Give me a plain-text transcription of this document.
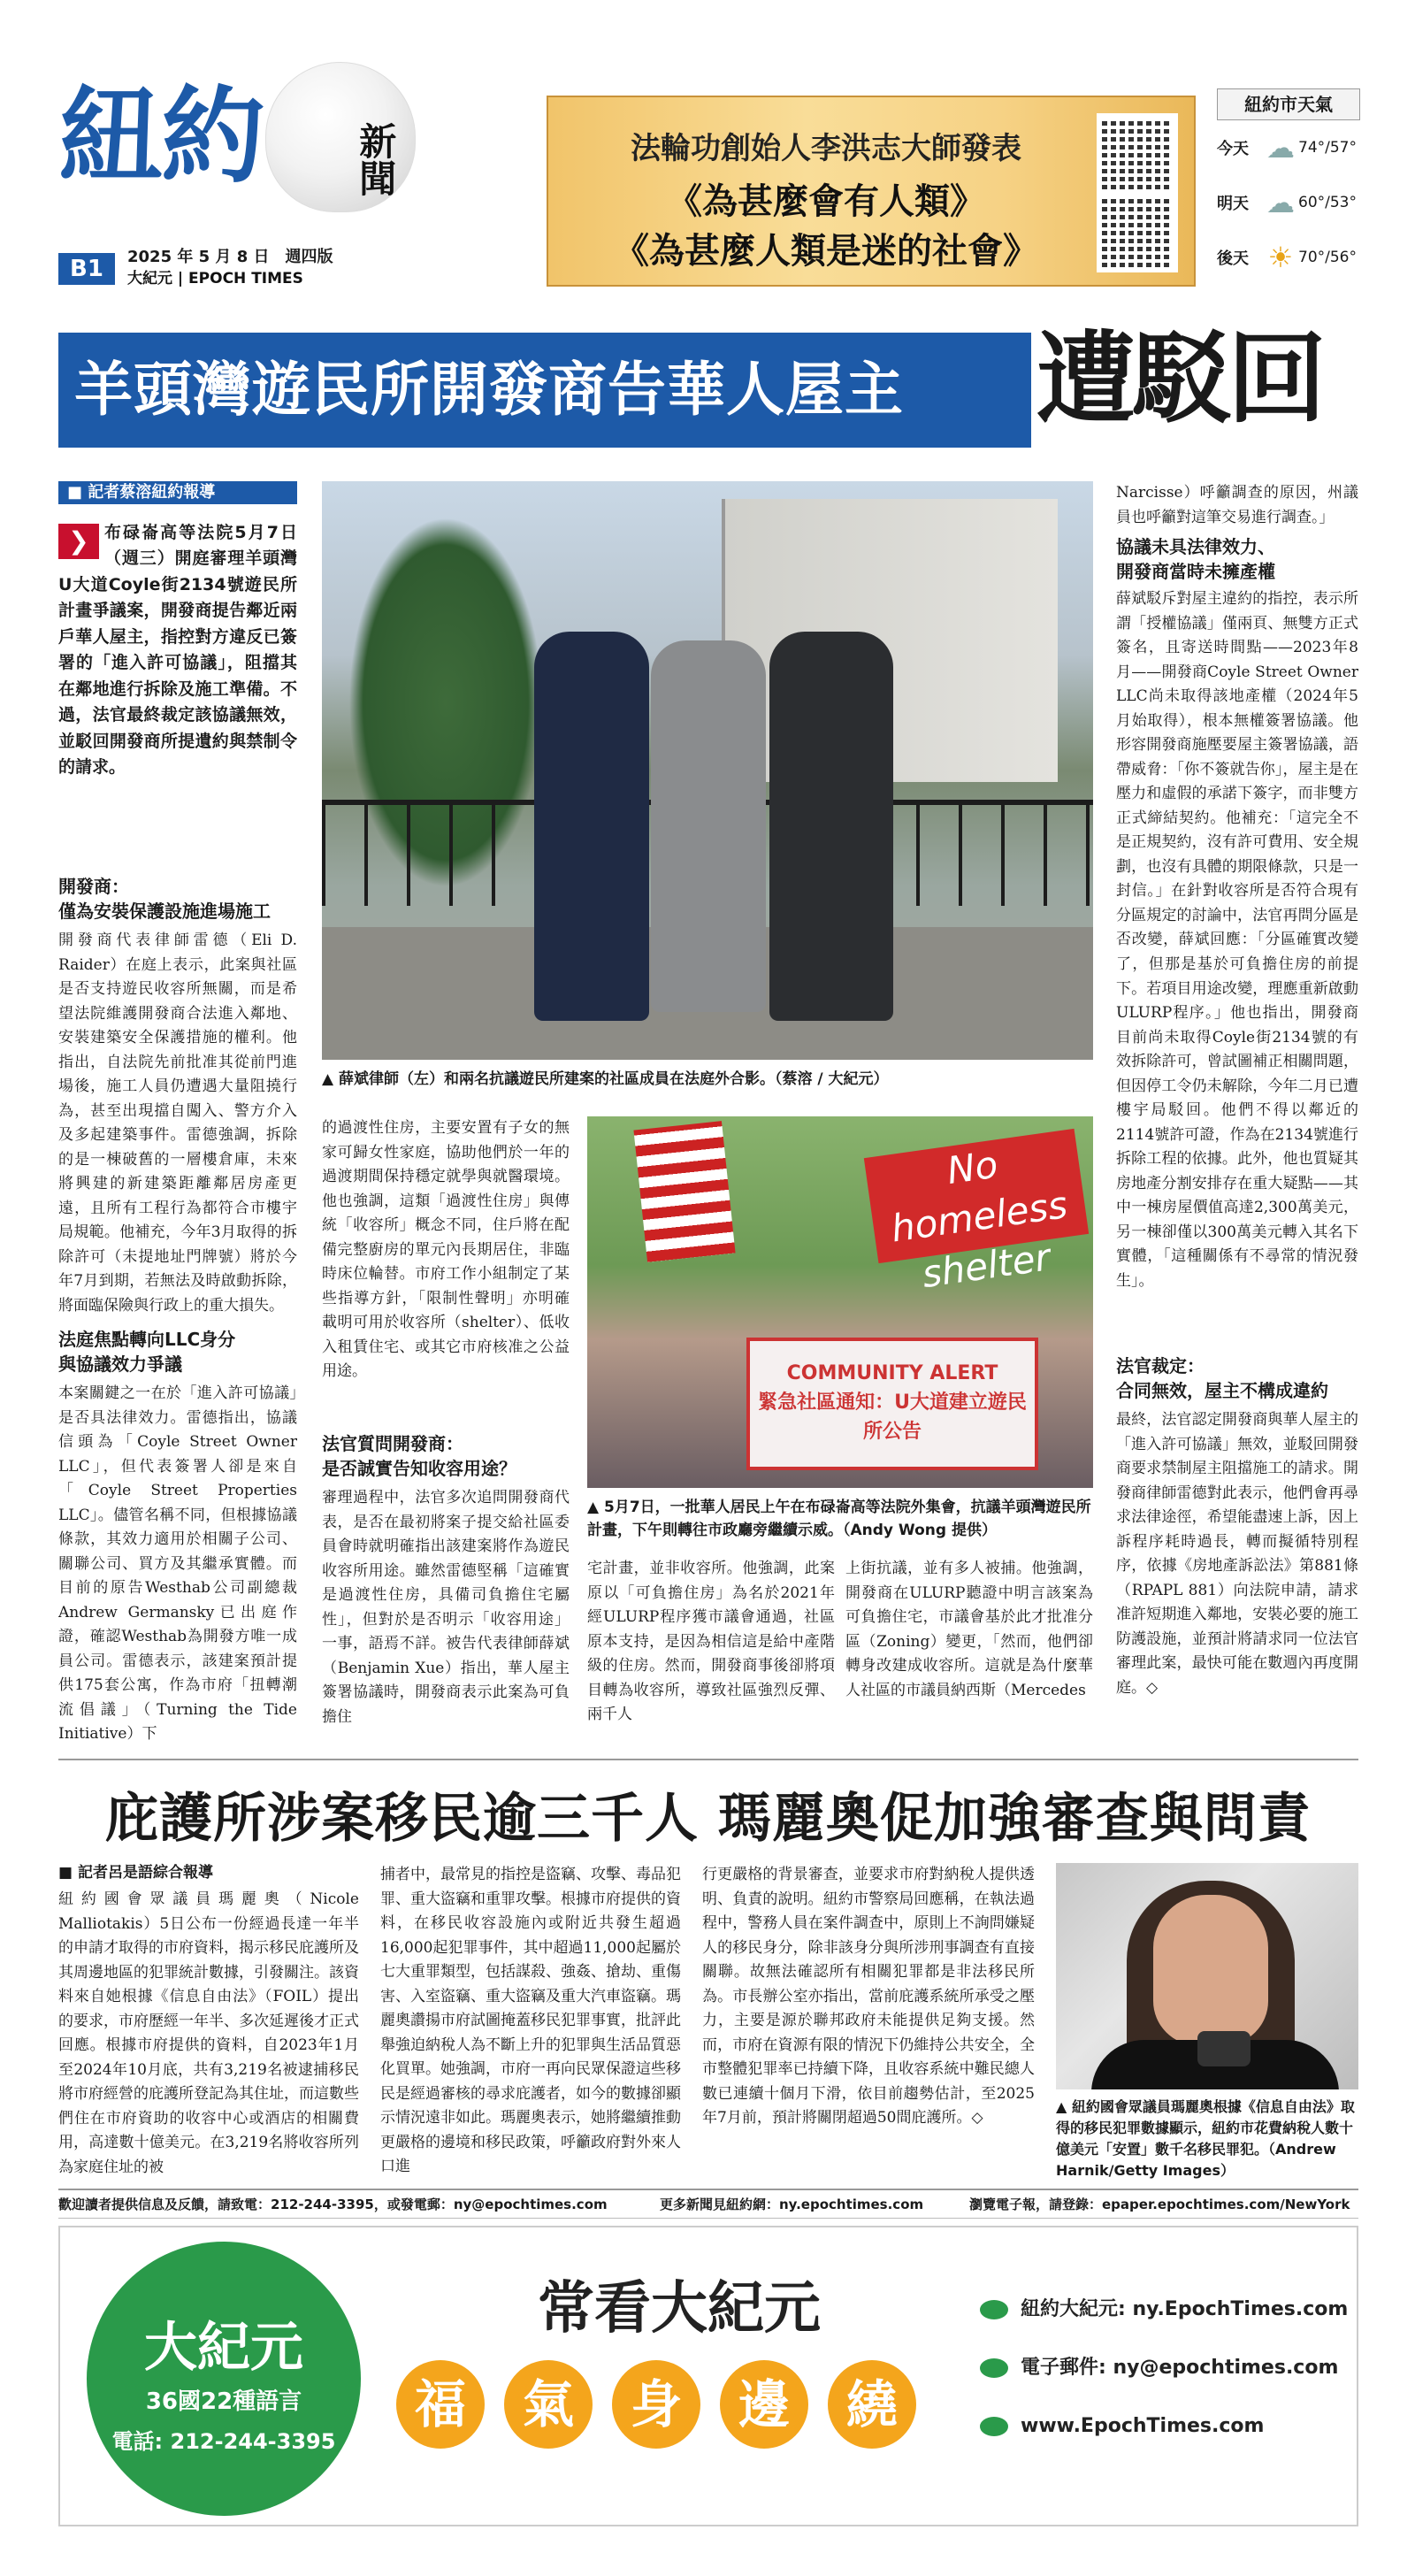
紐約 新聞
B1	2025 年 5 月 8 日　週四版
大紀元 | EPOCH TIMES
法輪功創始人李洪志大師發表
《為甚麼會有人類》
《為甚麼人類是迷的社會》
紐約市天氣
今天 ☁ 74°/57°
明天 ☁ 60°/53°
後天 ☀ 70°/56°
羊頭灣遊民所開發商告華人屋主	遭駁回
■ 記者蔡溶紐約報導
❯ 布碌崙高等法院5月7日（週三）開庭審理羊頭灣U大道Coyle街2134號遊民所計畫爭議案，開發商提告鄰近兩戶華人屋主，指控對方違反已簽署的「進入許可協議」，阻擋其在鄰地進行拆除及施工準備。不過，法官最終裁定該協議無效，並駁回開發商所提遺約與禁制令的請求。
開發商：
僅為安裝保護設施進場施工
開發商代表律師雷德（Eli D. Raider）在庭上表示，此案與社區是否支持遊民收容所無關，而是希望法院維護開發商合法進入鄰地、安裝建築安全保護措施的權利。他指出，自法院先前批准其從前門進場後，施工人員仍遭遇大量阻撓行為，甚至出現擋自闖入、警方介入及多起建築事件。雷德強調，拆除的是一棟破舊的一層樓倉庫，未來將興建的新建築距離鄰居房產更遠，且所有工程行為都符合市樓宇局規範。他補充，今年3月取得的拆除許可（未提地址門牌號）將於今年7月到期，若無法及時啟動拆除，將面臨保險與行政上的重大損失。
法庭焦點轉向LLC身分
與協議效力爭議
本案關鍵之一在於「進入許可協議」是否具法律效力。雷德指出，協議信頭為「Coyle Street Owner LLC」，但代表簽署人卻是來自「Coyle Street Properties LLC」。儘管名稱不同，但根據協議條款，其效力適用於相關子公司、關聯公司、買方及其繼承實體。而目前的原告Westhab公司副總裁Andrew Germansky已出庭作證，確認Westhab為開發方唯一成員公司。雷德表示，該建案預計提供175套公寓，作為市府「扭轉潮流倡議」（Turning the Tide Initiative）下
▲ 薛斌律師（左）和兩名抗議遊民所建案的社區成員在法庭外合影。（蔡溶 / 大紀元）
的過渡性住房，主要安置有子女的無家可歸女性家庭，協助他們於一年的過渡期間保持穩定就學與就醫環境。他也強調，這類「過渡性住房」與傳統「收容所」概念不同，住戶將在配備完整廚房的單元內長期居住，非臨時床位輪替。市府工作小組制定了某些指導方針，「限制性聲明」亦明確載明可用於收容所（shelter）、低收入租賃住宅、或其它市府核准之公益用途。
法官質問開發商：
是否誠實告知收容用途？
審理過程中，法官多次追問開發商代表，是否在最初將案子提交給社區委員會時就明確指出該建案將作為遊民收容所用途。雖然雷德堅稱「這確實是過渡性住房，具備司負擔住宅屬性」，但對於是否明示「收容用途」一事，語焉不詳。被告代表律師薛斌（Benjamin Xue）指出，華人屋主簽署協議時，開發商表示此案為可負擔住
No homeless shelter
COMMUNITY ALERT
緊急社區通知：U大道建立遊民所公告
▲ 5月7日，一批華人居民上午在布碌崙高等法院外集會，抗議羊頭灣遊民所計畫，下午則轉往市政廳旁繼續示威。（Andy Wong 提供）
宅計畫，並非收容所。他強調，此案原以「可負擔住房」為名於2021年經ULURP程序獲市議會通過，社區原本支持，是因為相信這是給中產階級的住房。然而，開發商事後卻將項目轉為收容所，導致社區強烈反彈、兩千人
上街抗議，並有多人被捕。他強調，開發商在ULURP聽證中明言該案為可負擔住宅，市議會基於此才批准分區（Zoning）變更，「然而，他們卻轉身改建成收容所。這就是為什麼華人社區的市議員納西斯（Mercedes
Narcisse）呼籲調查的原因，州議員也呼籲對這筆交易進行調查。」
協議未具法律效力、
開發商當時未擁產權
薛斌駁斥對屋主違約的指控，表示所謂「授權協議」僅兩頁、無雙方正式簽名，且寄送時間點——2023年8月——開發商Coyle Street Owner LLC尚未取得該地產權（2024年5月始取得），根本無權簽署協議。他形容開發商施壓要屋主簽署協議，語帶威脅：「你不簽就告你」，屋主是在壓力和虛假的承諾下簽字，而非雙方正式締結契約。他補充：「這完全不是正規契約，沒有許可費用、安全規劃，也沒有具體的期限條款，只是一封信。」在針對收容所是否符合現有分區規定的討論中，法官再問分區是否改變，薛斌回應：「分區確實改變了，但那是基於可負擔住房的前提下。若項目用途改變，理應重新啟動ULURP程序。」他也指出，開發商目前尚未取得Coyle街2134號的有效拆除許可，曾試圖補正相關問題，但因停工令仍未解除，今年二月已遭樓宇局駁回。他們不得以鄰近的2114號許可證，作為在2134號進行拆除工程的依據。此外，他也質疑其房地產分割安排存在重大疑點——其中一棟房屋價值高達2,300萬美元，另一棟卻僅以300萬美元轉入其名下實體，「這種關係有不尋常的情況發生」。
法官裁定：
合同無效，屋主不構成違約
最終，法官認定開發商與華人屋主的「進入許可協議」無效，並駁回開發商要求禁制屋主阻擋施工的請求。開發商律師雷德對此表示，他們會再尋求法律途徑，希望能盡速上訴，因上訴程序耗時過長，轉而擬循特別程序，依據《房地產訴訟法》第881條（RPAPL 881）向法院申請，請求准許短期進入鄰地，安裝必要的施工防護設施，並預計將請求同一位法官審理此案，最快可能在數週內再度開庭。◇
庇護所涉案移民逾三千人 瑪麗奧促加強審查與問責
■ 記者呂是語綜合報導
紐約國會眾議員瑪麗奧（Nicole Malliotakis）5日公布一份經過長達一年半的申請才取得的市府資料，揭示移民庇護所及其周邊地區的犯罪統計數據，引發關注。該資料來自她根據《信息自由法》（FOIL）提出的要求，市府歷經一年半、多次延遲後才正式回應。根據市府提供的資料，自2023年1月至2024年10月底，共有3,219名被逮捕移民將市府經營的庇護所登記為其住址，而這數些們住在市府資助的收容中心或酒店的相關費用，高達數十億美元。在3,219名將收容所列為家庭住址的被
捕者中，最常見的指控是盜竊、攻擊、毒品犯罪、重大盜竊和重罪攻擊。根據市府提供的資料，在移民收容設施內或附近共發生超過16,000起犯罪事件，其中超過11,000起屬於七大重罪類型，包括謀殺、強姦、搶劫、重傷害、入室盜竊、重大盜竊及重大汽車盜竊。瑪麗奧讚揚市府試圖掩蓋移民犯罪事實，批評此舉強迫納稅人為不斷上升的犯罪與生活品質惡化買單。她強調，市府一再向民眾保證這些移民是經過審核的尋求庇護者，如今的數據卻顯示情況遠非如此。瑪麗奧表示，她將繼續推動更嚴格的邊境和移民政策，呼籲政府對外來人口進
行更嚴格的背景審查，並要求市府對納稅人提供透明、負責的說明。紐約市警察局回應稱，在執法過程中，警務人員在案件調查中，原則上不詢問嫌疑人的移民身分，除非該身分與所涉刑事調查有直接關聯。故無法確認所有相關犯罪都是非法移民所為。市長辦公室亦指出，當前庇護系統所承受之壓力，主要是源於聯邦政府未能提供足夠支援。然而，市府在資源有限的情況下仍維持公共安全，全市整體犯罪率已持續下降，且收容系統中難民總人數已連續十個月下滑，依目前趨勢估計，至2025年7月前，預計將關閉超過50間庇護所。◇
▲ 紐約國會眾議員瑪麗奧根據《信息自由法》取得的移民犯罪數據顯示，紐約市花費納稅人數十億美元「安置」數千名移民罪犯。（Andrew Harnik/Getty Images）
歡迎讀者提供信息及反饋，請致電：212-244-3395，或發電郵：ny@epochtimes.com	更多新聞見紐約網：ny.epochtimes.com	瀏覽電子報，請登錄：epaper.epochtimes.com/NewYork
大紀元
36國22種語言
電話: 212-244-3395
常看大紀元
福	氣	身	邊	繞
紐約大紀元: ny.EpochTimes.com
電子郵件: ny@epochtimes.com
www.EpochTimes.com
